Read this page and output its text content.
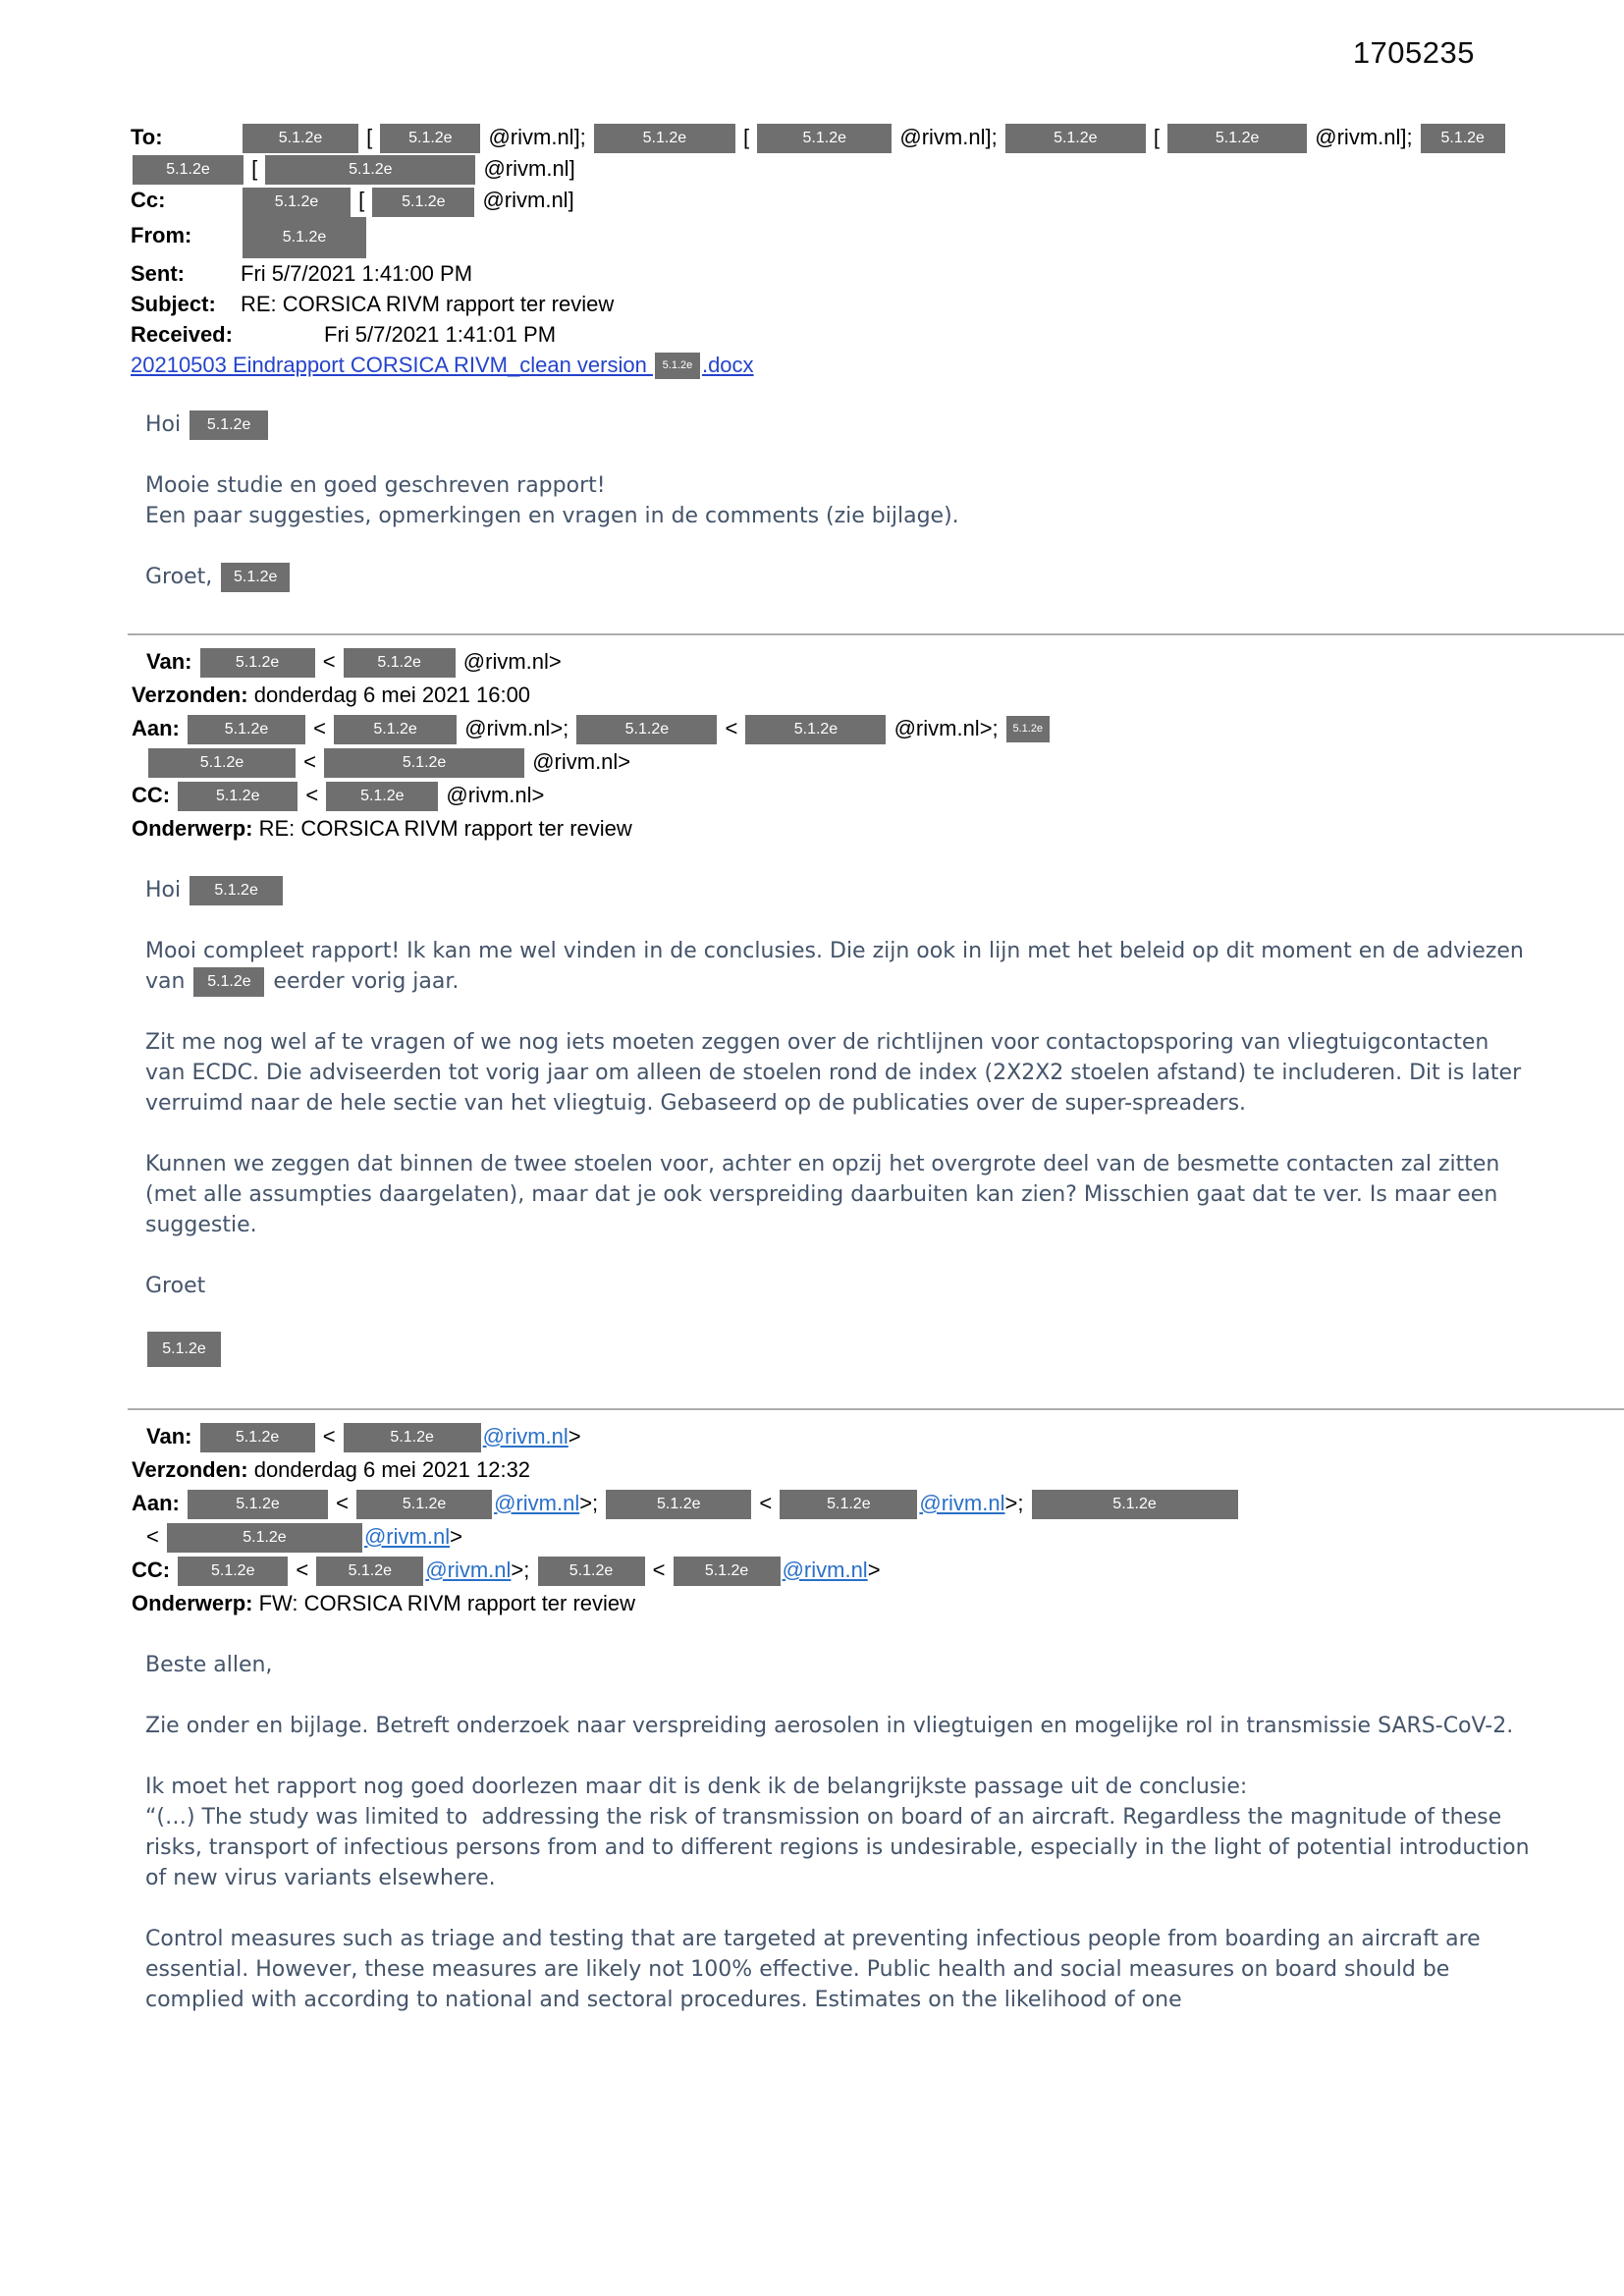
1705235
To:	5.1.2e [ 5.1.2e @rivm.nl];	5.1.2e [	5.1.2e @rivm.nl];	5.1.2e [	5.1.2e @rivm.nl]; 5.1.2e
5.1.2e [	5.1.2e	@rivm.nl]
Cc:	5.1.2e [ 5.1.2e @rivm.nl]
From:	5.1.2e
Sent:	Fri 5/7/2021 1:41:00 PM
Subject: RE: CORSICA RIVM rapport ter review
Received:	Fri 5/7/2021 1:41:01 PM
20210503 Eindrapport CORSICA RIVM_clean version 5.1.2e .docx

Hoi 5.1.2e

Mooie studie en goed geschreven rapport!

Een paar suggesties, opmerkingen en vragen in de comments (zie bijlage).

Groet, 5.1.2e

Van:	5.1.2e < 5.1.2e @rivm.nl>
Verzonden: donderdag 6 mei 2021 16:00
Aan:	5.1.2e <	5.1.2e @rivm.nl>;	5.1.2e <	5.1.2e @rivm.nl>; 5.1.2e
5.1.2e <	5.1.2e	@rivm.nl>
CC:	5.1.2e < 5.1.2e @rivm.nl>
Onderwerp: RE: CORSICA RIVM rapport ter review

Hoi 5.1.2e

Mooi compleet rapport! Ik kan me wel vinden in de conclusies. Die zijn ook in lijn met het beleid op dit moment en de adviezen van 5.1.2e eerder vorig jaar.

Zit me nog wel af te vragen of we nog iets moeten zeggen over de richtlijnen voor contactopsporing van vliegtuigcontacten van ECDC. Die adviseerden tot vorig jaar om alleen de stoelen rond de index (2X2X2 stoelen afstand) te includeren. Dit is later verruimd naar de hele sectie van het vliegtuig. Gebaseerd op de publicaties over de super-spreaders.

Kunnen we zeggen dat binnen de twee stoelen voor, achter en opzij het overgrote deel van de besmette contacten zal zitten (met alle assumpties daargelaten), maar dat je ook verspreiding daarbuiten kan zien? Misschien gaat dat te ver. Is maar een suggestie.

Groet

5.1.2e

Van:	5.1.2e <	5.1.2e @rivm.nl>
Verzonden: donderdag 6 mei 2021 12:32
Aan:	5.1.2e <	5.1.2e @rivm.nl>;	5.1.2e <	5.1.2e @rivm.nl>;	5.1.2e
<	5.1.2e	@rivm.nl>
CC:	5.1.2e < 5.1.2e @rivm.nl>; 5.1.2e < 5.1.2e @rivm.nl>
Onderwerp: FW: CORSICA RIVM rapport ter review

Beste allen,

Zie onder en bijlage. Betreft onderzoek naar verspreiding aerosolen in vliegtuigen en mogelijke rol in transmissie SARS-CoV-2.

Ik moet het rapport nog goed doorlezen maar dit is denk ik de belangrijkste passage uit de conclusie:

“(…) The study was limited to  addressing the risk of transmission on board of an aircraft. Regardless the magnitude of these risks, transport of infectious persons from and to different regions is undesirable, especially in the light of potential introduction of new virus variants elsewhere.

Control measures such as triage and testing that are targeted at preventing infectious people from boarding an aircraft are essential. However, these measures are likely not 100% effective. Public health and social measures on board should be complied with according to national and sectoral procedures. Estimates on the likelihood of one
